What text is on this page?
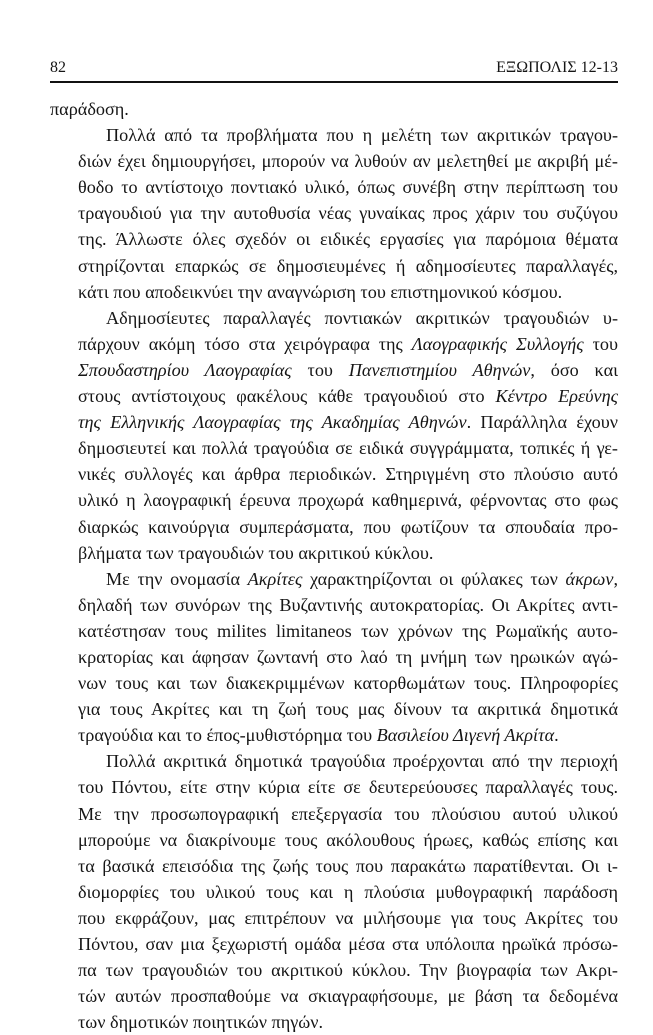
82	ΕΞΩΠΟΛΙΣ 12-13
παράδοση.
Πολλά από τα προβλήματα που η μελέτη των ακριτικών τραγου-
διών έχει δημιουργήσει, μπορούν να λυθούν αν μελετηθεί με ακριβή μέ-
θοδο το αντίστοιχο ποντιακό υλικό, όπως συνέβη στην περίπτωση του
τραγουδιού για την αυτοθυσία νέας γυναίκας προς χάριν του συζύγου
της. Άλλωστε όλες σχεδόν οι ειδικές εργασίες για παρόμοια θέματα
στηρίζονται επαρκώς σε δημοσιευμένες ή αδημοσίευτες παραλλαγές,
κάτι που αποδεικνύει την αναγνώριση του επιστημονικού κόσμου.
Αδημοσίευτες παραλλαγές ποντιακών ακριτικών τραγουδιών υ-
πάρχουν ακόμη τόσο στα χειρόγραφα της Λαογραφικής Συλλογής του
Σπουδαστηρίου Λαογραφίας του Πανεπιστημίου Αθηνών, όσο και
στους αντίστοιχους φακέλους κάθε τραγουδιού στο Κέντρο Ερεύνης
της Ελληνικής Λαογραφίας της Ακαδημίας Αθηνών. Παράλληλα έχουν
δημοσιευτεί και πολλά τραγούδια σε ειδικά συγγράμματα, τοπικές ή γε-
νικές συλλογές και άρθρα περιοδικών. Στηριγμένη στο πλούσιο αυτό
υλικό η λαογραφική έρευνα προχωρά καθημερινά, φέρνοντας στο φως
διαρκώς καινούργια συμπεράσματα, που φωτίζουν τα σπουδαία προ-
βλήματα των τραγουδιών του ακριτικού κύκλου.
Με την ονομασία Ακρίτες χαρακτηρίζονται οι φύλακες των άκρων,
δηλαδή των συνόρων της Βυζαντινής αυτοκρατορίας. Οι Ακρίτες αντι-
κατέστησαν τους milites limitaneos των χρόνων της Ρωμαϊκής αυτο-
κρατορίας και άφησαν ζωντανή στο λαό τη μνήμη των ηρωικών αγώ-
νων τους και των διακεκριμμένων κατορθωμάτων τους. Πληροφορίες
για τους Ακρίτες και τη ζωή τους μας δίνουν τα ακριτικά δημοτικά
τραγούδια και το έπος-μυθιστόρημα του Βασιλείου Διγενή Ακρίτα.
Πολλά ακριτικά δημοτικά τραγούδια προέρχονται από την περιοχή
του Πόντου, είτε στην κύρια είτε σε δευτερεύουσες παραλλαγές τους.
Με την προσωπογραφική επεξεργασία του πλούσιου αυτού υλικού
μπορούμε να διακρίνουμε τους ακόλουθους ήρωες, καθώς επίσης και
τα βασικά επεισόδια της ζωής τους που παρακάτω παρατίθενται. Οι ι-
διομορφίες του υλικού τους και η πλούσια μυθογραφική παράδοση
που εκφράζουν, μας επιτρέπουν να μιλήσουμε για τους Ακρίτες του
Πόντου, σαν μια ξεχωριστή ομάδα μέσα στα υπόλοιπα ηρωϊκά πρόσω-
πα των τραγουδιών του ακριτικού κύκλου. Την βιογραφία των Ακρι-
τών αυτών προσπαθούμε να σκιαγραφήσουμε, με βάση τα δεδομένα
των δημοτικών ποιητικών πηγών.
